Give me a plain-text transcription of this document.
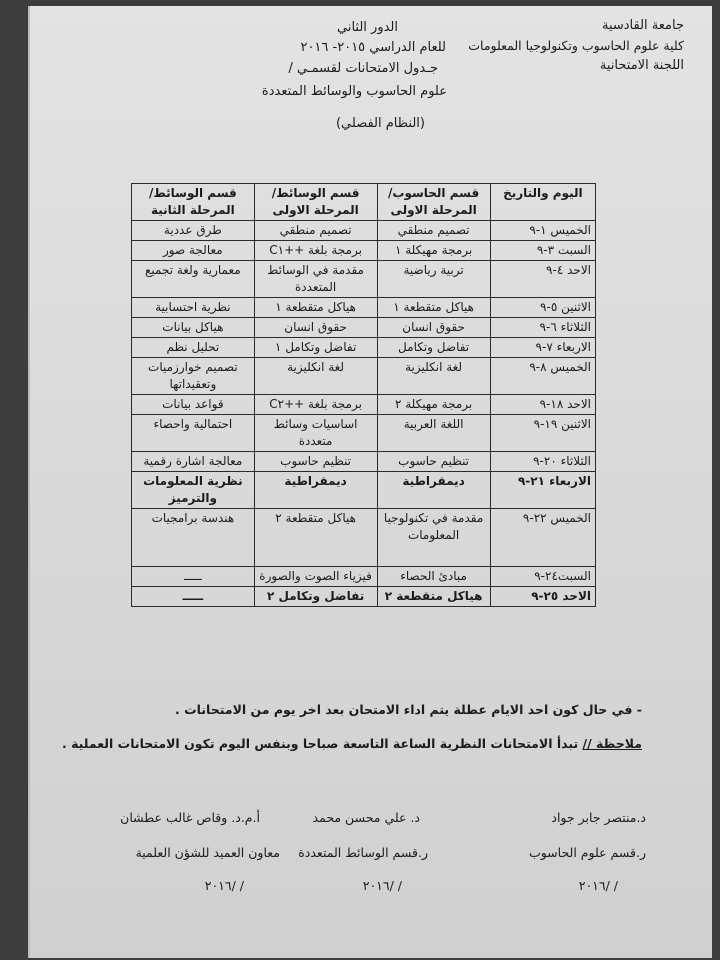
جامعة القادسية
كلية علوم الحاسوب وتكنولوجيا المعلومات
اللجنة الامتحانية
الدور الثاني
للعام الدراسي ٢٠١٥- ٢٠١٦
جـدول الامتحانات لقسمـي /
علوم الحاسوب والوسائط المتعددة
(النظام الفصلي)
اليوم والتاريخ	قسم الحاسوب/ المرحلة الاولى	قسم الوسائط/ المرحلة الاولى	قسم الوسائط/ المرحلة الثانية
الخميس ١-٩	تصميم منطقي	تصميم منطقي	طرق عددية
السبت ٣-٩	برمجة مهيكلة ١	برمجة بلغة ++C١	معالجة صور
الاحد ٤-٩	تربية رياضية	مقدمة في الوسائط المتعددة	معمارية ولغة تجميع
الاثنين ٥-٩	هياكل متقطعة ١	هياكل متقطعة ١	نظرية احتسابية
الثلاثاء ٦-٩	حقوق انسان	حقوق انسان	هياكل بيانات
الاربعاء ٧-٩	تفاضل وتكامل	تفاضل وتكامل ١	تحليل نظم
الخميس ٨-٩	لغة انكليزية	لغة انكليزية	تصميم خوارزميات وتعقيداتها
الاحد ١٨-٩	برمجة مهيكلة ٢	برمجة بلغة ++C٢	قواعد بيانات
الاثنين ١٩-٩	اللغة العربية	اساسيات وسائط متعددة	احتمالية واحصاء
الثلاثاء ٢٠-٩	تنظيم حاسوب	تنظيم حاسوب	معالجة اشارة رقمية
الاربعاء ٢١-٩	ديمقراطية	ديمقراطية	نظرية المعلومات والترميز
الخميس ٢٢-٩	مقدمة في تكنولوجيا المعلومات	هياكل متقطعة ٢	هندسة برامجيات
السبت٢٤-٩	مبادئ الحصاء	فيزياء الصوت والصورة	ـــــ
الاحد ٢٥-٩	هياكل متقطعة ٢	تفاضل وتكامل ٢	ـــــ
- في حال كون احد الايام عطلة يتم اداء الامتحان بعد اخر يوم من الامتحانات .
ملاحظة // تبدأ الامتحانات النظرية الساعة التاسعة صباحا وبنفس اليوم تكون الامتحانات العملية .
د.منتصر جابر جواد
ر.قسم علوم الحاسوب
/ /٢٠١٦
د. علي محسن محمد
ر.قسم الوسائط المتعددة
/ /٢٠١٦
أ.م.د. وقاص غالب عطشان
معاون العميد للشؤن العلمية
/ /٢٠١٦
